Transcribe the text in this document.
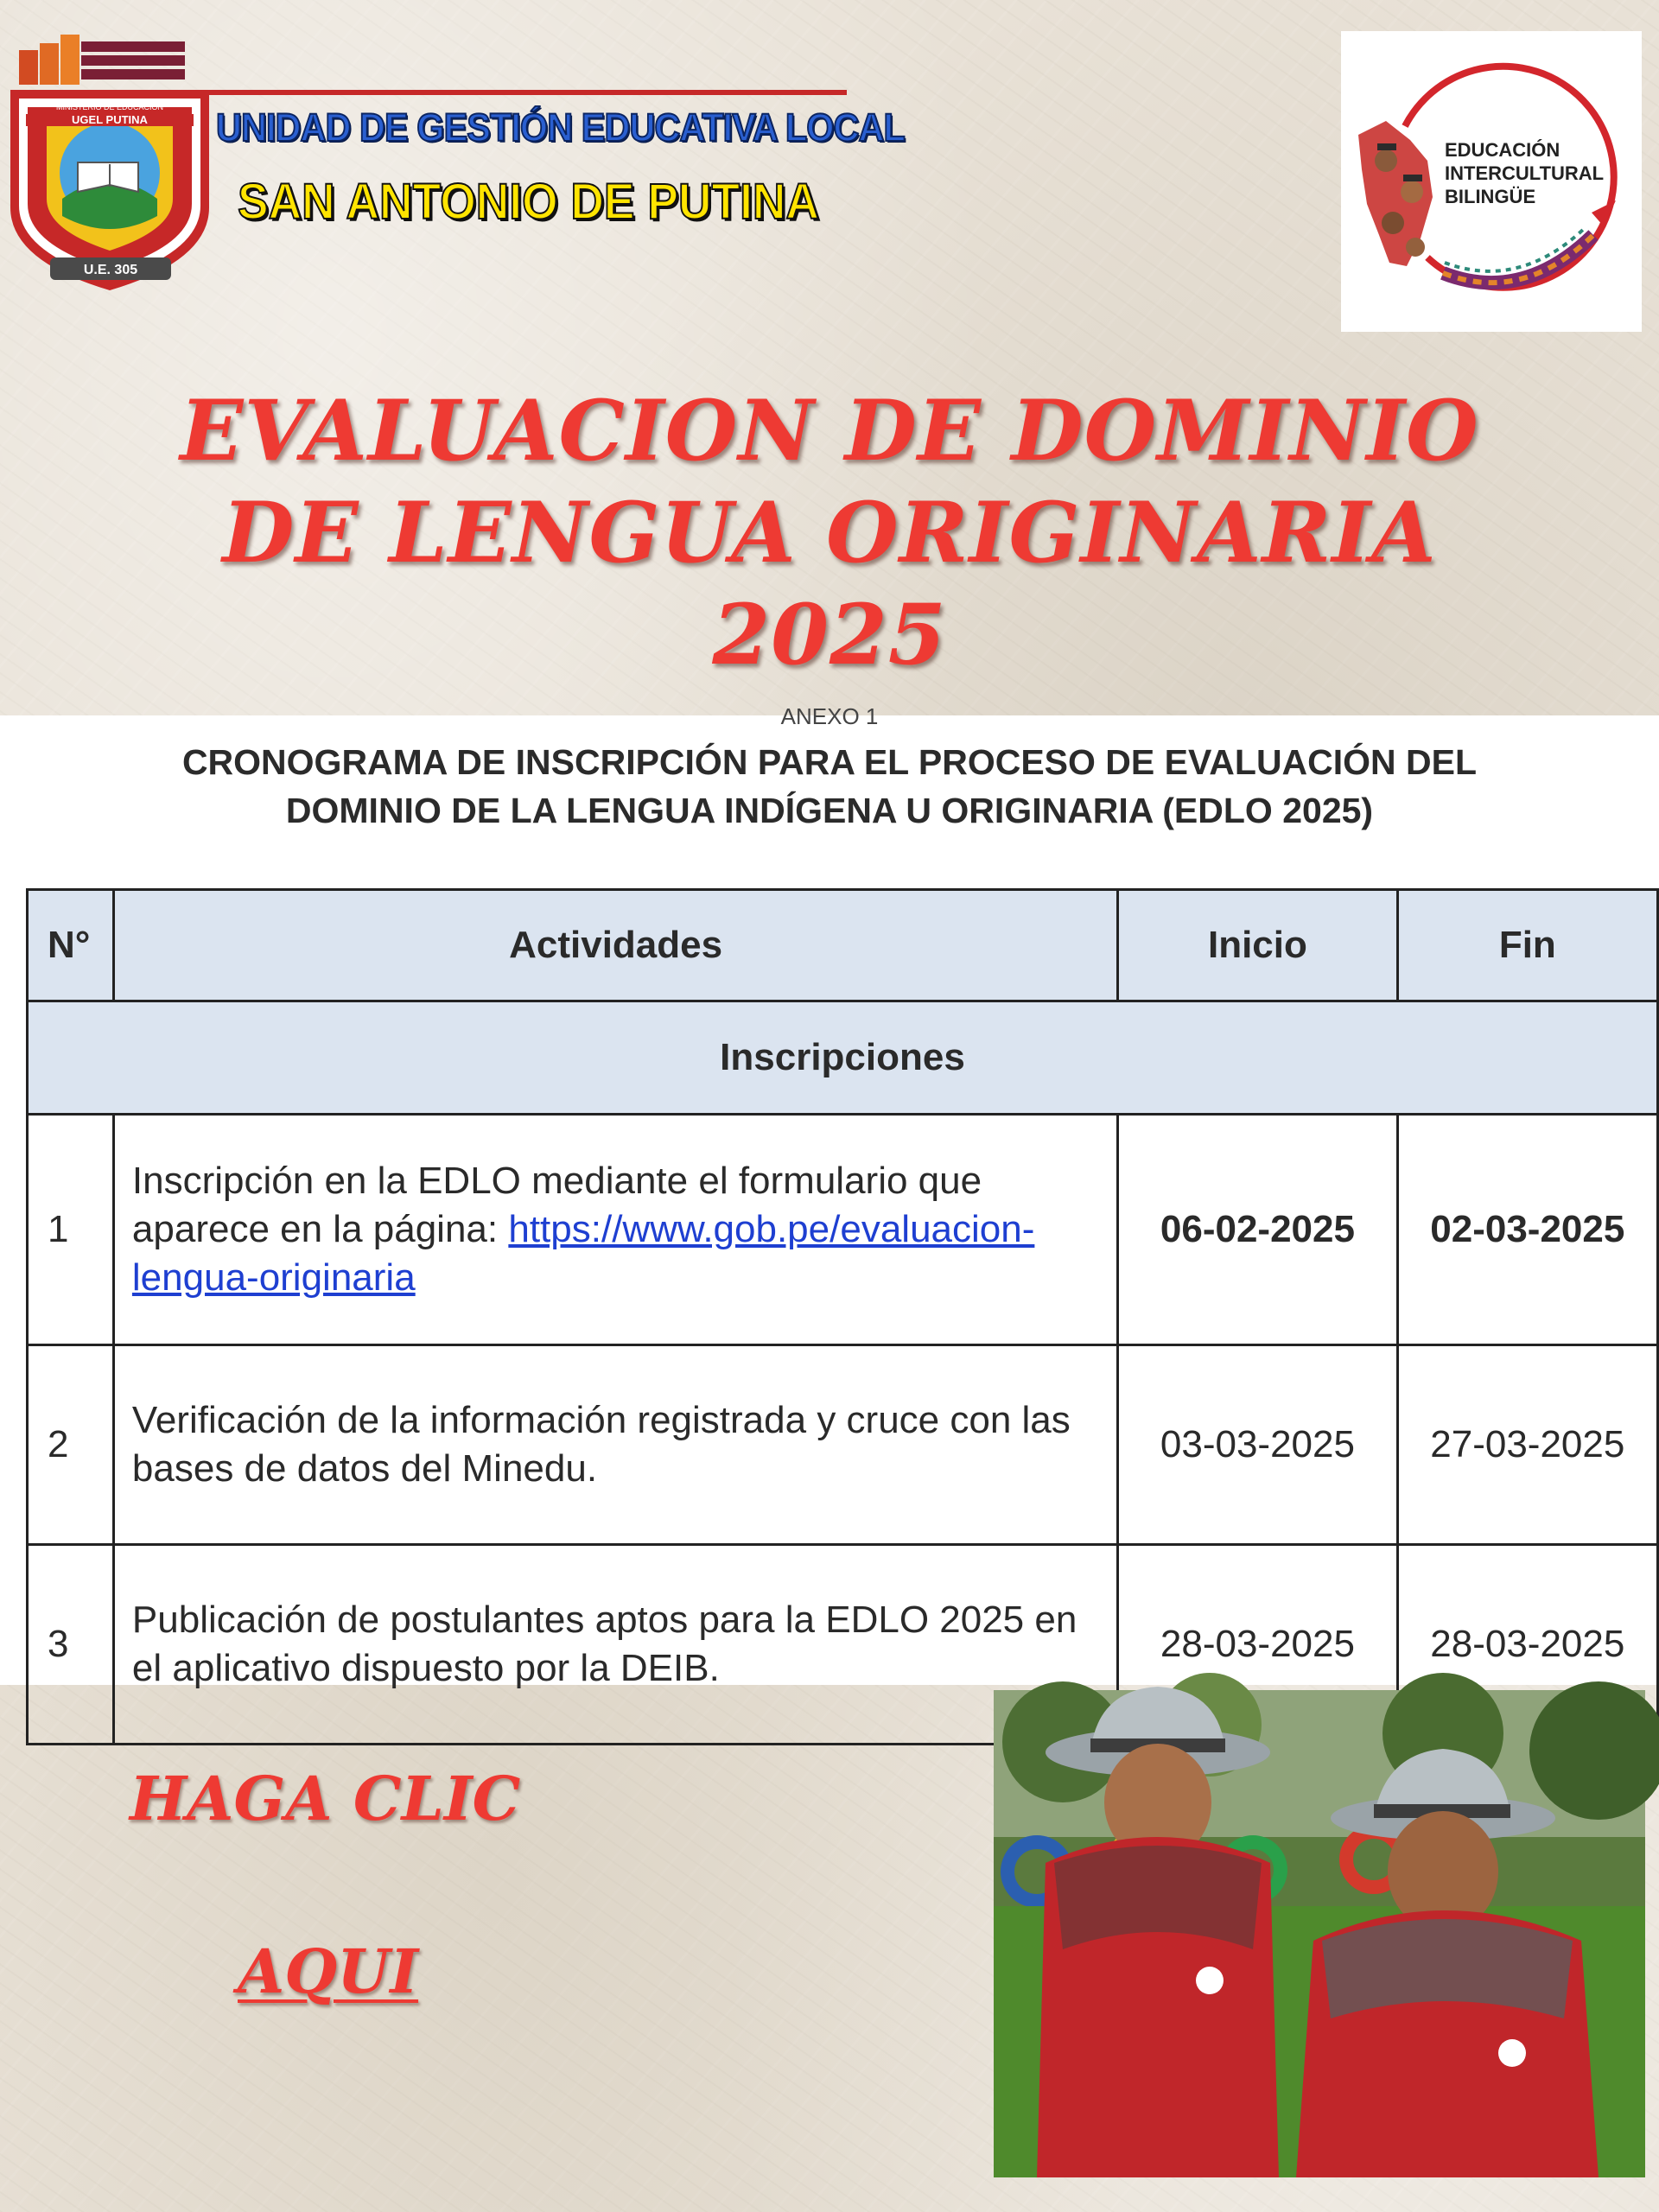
MINISTERIO DE EDUCACIÓN
UGEL PUTINA
U.E. 305
UNIDAD DE GESTIÓN EDUCATIVA LOCAL
SAN ANTONIO DE PUTINA
EDUCACIÓN
INTERCULTURAL
BILINGÜE
EVALUACION DE DOMINIO
DE LENGUA ORIGINARIA
2025
ANEXO 1
CRONOGRAMA DE INSCRIPCIÓN PARA EL PROCESO DE EVALUACIÓN DEL
DOMINIO DE LA LENGUA INDÍGENA U ORIGINARIA (EDLO 2025)
N°	Actividades	Inicio	Fin
Inscripciones			
1	Inscripción en la EDLO mediante el formulario que aparece en la página: https://www.gob.pe/evaluacion-lengua-originaria	06-02-2025	02-03-2025
2	Verificación de la información registrada y cruce con las bases de datos del Minedu.	03-03-2025	27-03-2025
3	Publicación de postulantes aptos para la EDLO 2025 en el aplicativo dispuesto por la DEIB.	28-03-2025	28-03-2025
HAGA CLIC
AQUI
